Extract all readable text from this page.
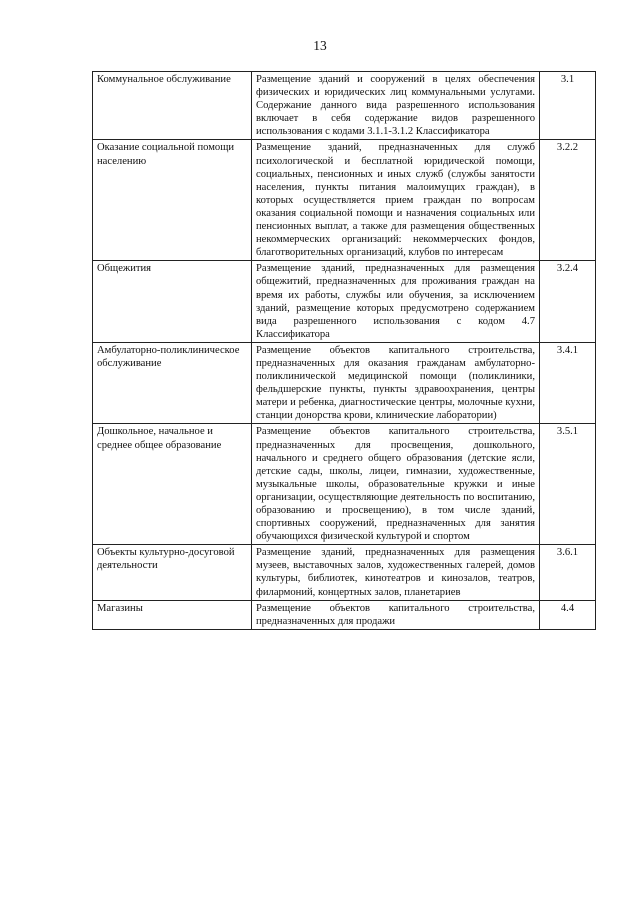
13
Коммунальное обслуживание	Размещение зданий и сооружений в целях обеспечения физических и юридических лиц коммунальными услугами. Содержание данного вида разрешенного использования включает в себя содержание видов разрешенного использования с кодами 3.1.1-3.1.2 Классификатора	3.1
Оказание социальной помощи населению	Размещение зданий, предназначенных для служб психологической и бесплатной юридической помощи, социальных, пенсионных и иных служб (службы занятости населения, пункты питания малоимущих граждан), в которых осуществляется прием граждан по вопросам оказания социальной помощи и назначения социальных или пенсионных выплат, а также для размещения общественных некоммерческих организаций: некоммерческих фондов, благотворительных организаций, клубов по интересам	3.2.2
Общежития	Размещение зданий, предназначенных для размещения общежитий, предназначенных для проживания граждан на время их работы, службы или обучения, за исключением зданий, размещение которых предусмотрено содержанием вида разрешенного использования с кодом 4.7 Классификатора	3.2.4
Амбулаторно-поликлиническое обслуживание	Размещение объектов капитального строительства, предназначенных для оказания гражданам амбулаторно-поликлинической медицинской помощи (поликлиники, фельдшерские пункты, пункты здравоохранения, центры матери и ребенка, диагностические центры, молочные кухни, станции донорства крови, клинические лаборатории)	3.4.1
Дошкольное, начальное и среднее общее образование	Размещение объектов капитального строительства, предназначенных для просвещения, дошкольного, начального и среднего общего образования (детские ясли, детские сады, школы, лицеи, гимназии, художественные, музыкальные школы, образовательные кружки и иные организации, осуществляющие деятельность по воспитанию, образованию и просвещению), в том числе зданий, спортивных сооружений, предназначенных для занятия обучающихся физической культурой и спортом	3.5.1
Объекты культурно-досуговой деятельности	Размещение зданий, предназначенных для размещения музеев, выставочных залов, художественных галерей, домов культуры, библиотек, кинотеатров и кинозалов, театров, филармоний, концертных залов, планетариев	3.6.1
Магазины	Размещение объектов капитального строительства, предназначенных для продажи	4.4
